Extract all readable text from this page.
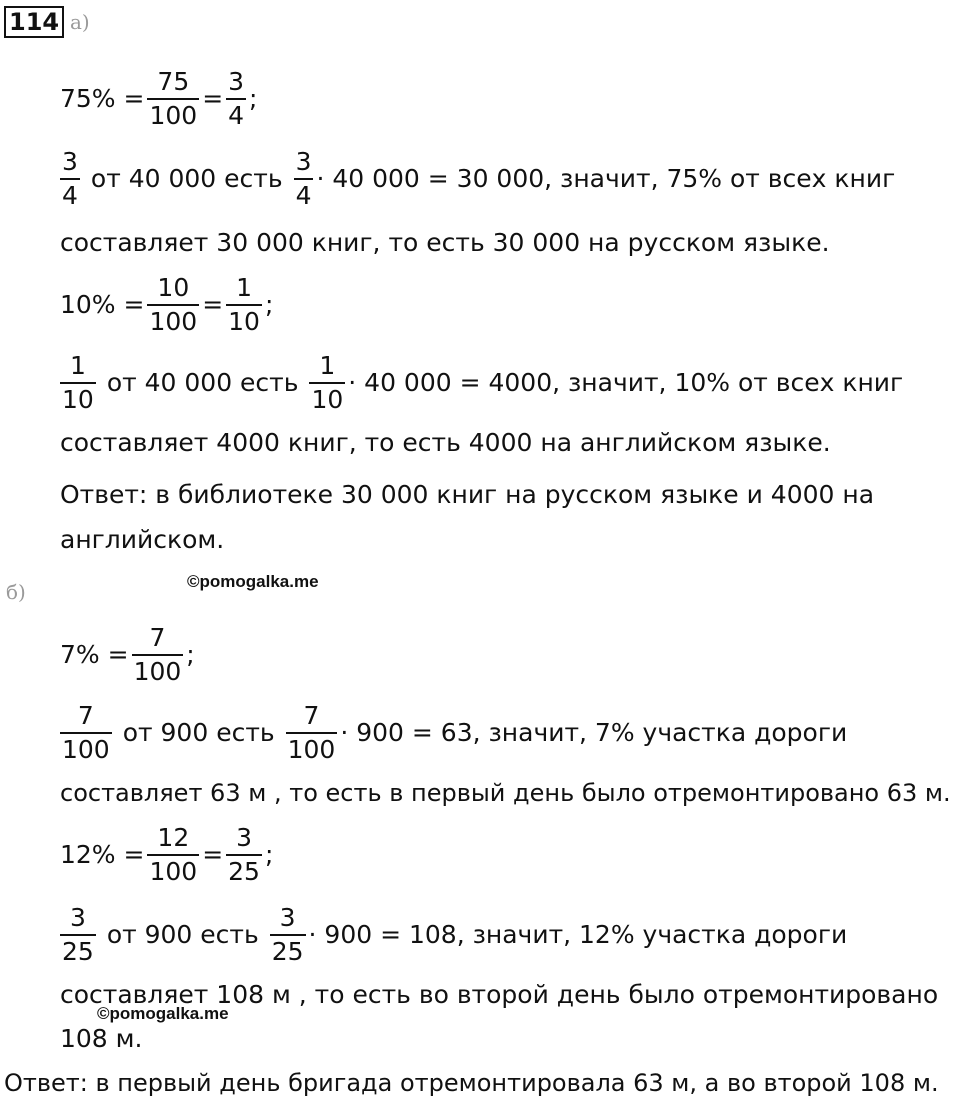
114 а)
$75\% = \frac{75}{100} = \frac{3}{4}$ ;
$\frac{3}{4}$ от 40 000 есть $\frac{3}{4} \cdot 40$ 000 = 30 000, значит, 75% от всех книг
составляет 30 000 книг, то есть 30 000 на русском языке.
$10\% = \frac{10}{100} = \frac{1}{10}$ ;
$\frac{1}{10}$ от 40 000 есть $\frac{1}{10} \cdot 40$ 000 = 4000, значит, 10% от всех книг
составляет 4000 книг, то есть 4000 на английском языке.
Ответ: в библиотеке 30 000 книг на русском языке и 4000 на
английском.
©pomogalka.me
б)
$7\% = \frac{7}{100}$ ;
$\frac{7}{100}$ от 900 есть $\frac{7}{100} \cdot 900 = 63$, значит, 7% участка дороги
составляет 63 м , то есть в первый день было отремонтировано 63 м.
$12\% = \frac{12}{100} = \frac{3}{25}$ ;
$\frac{3}{25}$ от 900 есть $\frac{3}{25} \cdot 900 = 108$, значит, 12% участка дороги
составляет 108 м , то есть во второй день было отремонтировано
©pomogalka.me
108 м.
Ответ: в первый день бригада отремонтировала 63 м, а во второй 108 м.
